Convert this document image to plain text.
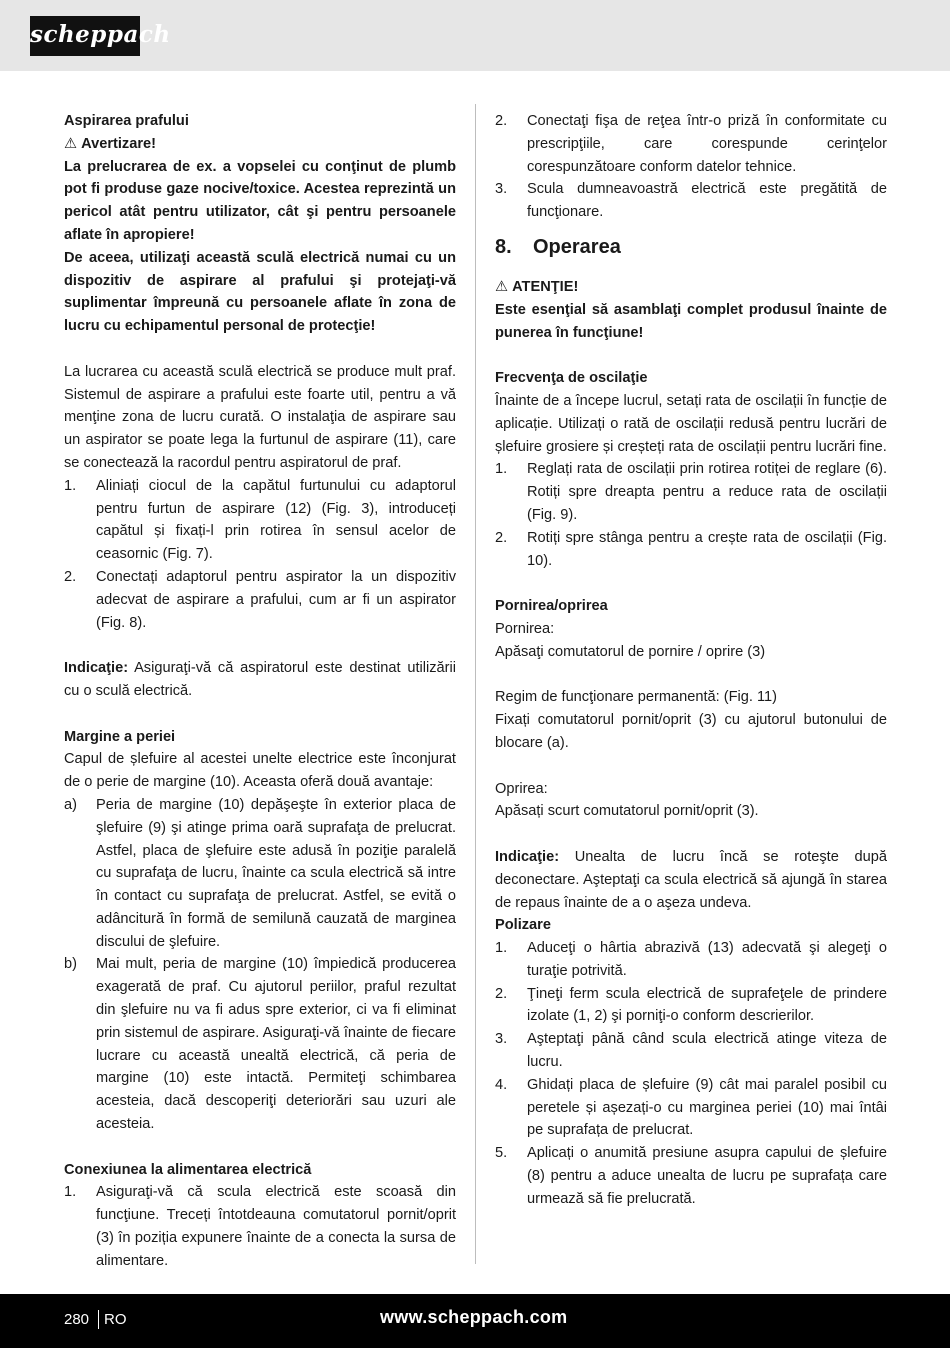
scheppach

Aspirarea prafului

⚠ Avertizare!

La prelucrarea de ex. a vopselei cu conţinut de plumb pot fi produse gaze nocive/toxice. Acestea reprezintă un pericol atât pentru utilizator, cât şi pentru persoanele aflate în apropiere!

De aceea, utilizaţi această sculă electrică numai cu un dispozitiv de aspirare al prafului şi protejaţi-vă suplimentar împreună cu persoanele aflate în zona de lucru cu echipamentul personal de protecţie!

La lucrarea cu această sculă electrică se produce mult praf. Sistemul de aspirare a prafului este foarte util, pentru a vă menţine zona de lucru curată. O instalaţia de aspirare sau un aspirator se poate lega la furtunul de aspirare (11), care se conectează la racordul pentru aspiratorul de praf.

1.	Aliniați ciocul de la capătul furtunului cu adaptorul pentru furtun de aspirare (12) (Fig. 3), introduceți capătul și fixați-l prin rotirea în sensul acelor de ceasornic (Fig. 7).
2.	Conectați adaptorul pentru aspirator la un dispozitiv adecvat de aspirare a prafului, cum ar fi un aspirator (Fig. 8).

Indicaţie: Asiguraţi-vă că aspiratorul este destinat utilizării cu o sculă electrică.

Margine a periei

Capul de șlefuire al acestei unelte electrice este înconjurat de o perie de margine (10). Aceasta oferă două avantaje:

a)	Peria de margine (10) depăşeşte în exterior placa de şlefuire (9) şi atinge prima oară suprafaţa de prelucrat. Astfel, placa de şlefuire este adusă în poziţie paralelă cu suprafaţa de lucru, înainte ca scula electrică să intre în contact cu suprafaţa de prelucrat. Astfel, se evită o adâncitură în formă de semilună cauzată de marginea discului de şlefuire.
b)	Mai mult, peria de margine (10) împiedică producerea exagerată de praf. Cu ajutorul periilor, praful rezultat din şlefuire nu va fi adus spre exterior, ci va fi eliminat prin sistemul de aspirare. Asiguraţi-vă înainte de fiecare lucrare cu această unealtă electrică, că peria de margine (10) este intactă. Permiteţi schimbarea acesteia, dacă descoperiţi deteriorări sau uzuri ale acesteia.

Conexiunea la alimentarea electrică

1.	Asiguraţi-vă că scula electrică este scoasă din funcţiune. Treceți întotdeauna comutatorul pornit/oprit (3) în poziția expunere înainte de a conecta la sursa de alimentare.
2.	Conectaţi fişa de reţea într-o priză în conformitate cu prescripţiile, care corespunde cerinţelor corespunzătoare conform datelor tehnice.
3.	Scula dumneavoastră electrică este pregătită de funcţionare.
8.	Operarea

⚠ ATENŢIE!

Este esenţial să asamblaţi complet produsul înainte de punerea în funcţiune!

Frecvenţa de oscilaţie

Înainte de a începe lucrul, setați rata de oscilații în funcție de aplicație. Utilizați o rată de oscilații redusă pentru lucrări de șlefuire grosiere și creșteți rata de oscilații pentru lucrări fine.

1.	Reglați rata de oscilații prin rotirea rotiței de reglare (6). Rotiți spre dreapta pentru a reduce rata de oscilații (Fig. 9).
2.	Rotiți spre stânga pentru a crește rata de oscilații (Fig. 10).

Pornirea/oprirea

Pornirea:

Apăsaţi comutatorul de pornire / oprire (3)

Regim de funcţionare permanentă: (Fig. 11)

Fixați comutatorul pornit/oprit (3) cu ajutorul butonului de blocare (a).

Oprirea:

Apăsați scurt comutatorul pornit/oprit (3).

Indicaţie: Unealta de lucru încă se roteşte după deconectare. Aşteptaţi ca scula electrică să ajungă în starea de repaus înainte de a o aşeza undeva.

Polizare

1.	Aduceţi o hârtia abrazivă (13) adecvată şi alegeţi o turaţie potrivită.
2.	Ţineţi ferm scula electrică de suprafeţele de prindere izolate (1, 2) şi porniţi-o conform descrierilor.
3.	Aşteptaţi până când scula electrică atinge viteza de lucru.
4.	Ghidați placa de șlefuire (9) cât mai paralel posibil cu peretele și așezați-o cu marginea periei (10) mai întâi pe suprafața de prelucrat.
5.	Aplicați o anumită presiune asupra capului de șlefuire (8) pentru a aduce unealta de lucru pe suprafața care urmează să fie prelucrată.
280 RO	www.scheppach.com
